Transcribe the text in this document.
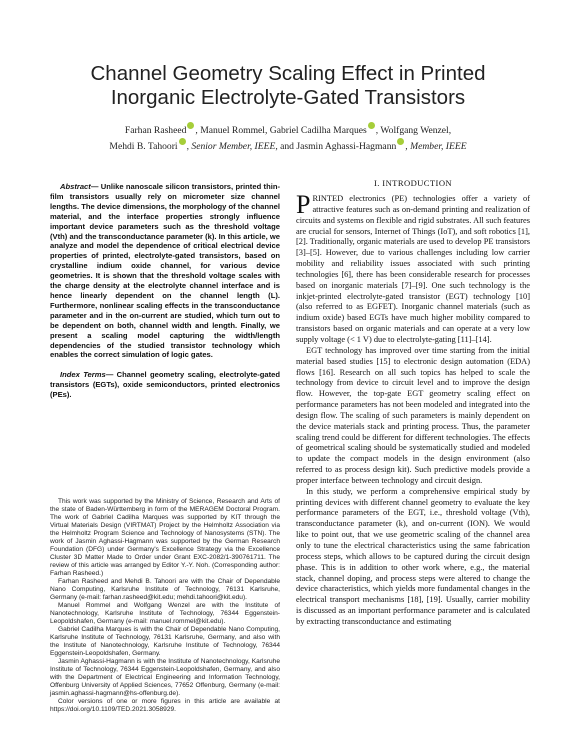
Channel Geometry Scaling Effect in Printed
Inorganic Electrolyte-Gated Transistors
Farhan Rasheed , Manuel Rommel, Gabriel Cadilha Marques , Wolfgang Wenzel,
Mehdi B. Tahoori , Senior Member, IEEE, and Jasmin Aghassi-Hagmann , Member, IEEE

Abstract— Unlike nanoscale silicon transistors, printed thin-film transistors usually rely on micrometer size channel lengths. The device dimensions, the morphology of the channel material, and the interface properties strongly influence important device parameters such as the threshold voltage (Vth) and the transconductance parameter (k). In this article, we analyze and model the dependence of critical electrical device properties of printed, electrolyte-gated transistors, based on crystalline indium oxide channel, for various device geometries. It is shown that the threshold voltage scales with the charge density at the electrolyte channel interface and is hence linearly dependent on the channel length (L). Furthermore, nonlinear scaling effects in the transconductance parameter and in the on-current are studied, which turn out to be dependent on both, channel width and length. Finally, we present a scaling model capturing the width/length dependencies of the studied transistor technology which enables the correct simulation of logic gates.

Index Terms— Channel geometry scaling, electrolyte-gated transistors (EGTs), oxide semiconductors, printed electronics (PEs).

This work was supported by the Ministry of Science, Research and Arts of the state of Baden-Württemberg in form of the MERAGEM Doctoral Program. The work of Gabriel Cadilha Marques was supported by KIT through the Virtual Materials Design (VIRTMAT) Project by the Helmholtz Association via the Helmholtz Program Science and Technology of Nanosystems (STN). The work of Jasmin Aghassi-Hagmann was supported by the German Research Foundation (DFG) under Germany's Excellence Strategy via the Excellence Cluster 3D Matter Made to Order under Grant EXC-2082/1-390761711. The review of this article was arranged by Editor Y.-Y. Noh. (Corresponding author: Farhan Rasheed.)

Farhan Rasheed and Mehdi B. Tahoori are with the Chair of Dependable Nano Computing, Karlsruhe Institute of Technology, 76131 Karlsruhe, Germany (e-mail: farhan.rasheed@kit.edu; mehdi.tahoori@kit.edu).

Manuel Rommel and Wolfgang Wenzel are with the Institute of Nanotechnology, Karlsruhe Institute of Technology, 76344 Eggenstein-Leopoldshafen, Germany (e-mail: manuel.rommel@kit.edu).

Gabriel Cadilha Marques is with the Chair of Dependable Nano Computing, Karlsruhe Institute of Technology, 76131 Karlsruhe, Germany, and also with the Institute of Nanotechnology, Karlsruhe Institute of Technology, 76344 Eggenstein-Leopoldshafen, Germany.

Jasmin Aghassi-Hagmann is with the Institute of Nanotechnology, Karlsruhe Institute of Technology, 76344 Eggenstein-Leopoldshafen, Germany, and also with the Department of Electrical Engineering and Information Technology, Offenburg University of Applied Sciences, 77652 Offenburg, Germany (e-mail: jasmin.aghassi-hagmann@hs-offenburg.de).

Color versions of one or more figures in this article are available at https://doi.org/10.1109/TED.2021.3058929.

I. INTRODUCTION

PRINTED electronics (PE) technologies offer a variety of attractive features such as on-demand printing and realization of circuits and systems on flexible and rigid substrates. All such features are crucial for sensors, Internet of Things (IoT), and soft robotics [1], [2]. Traditionally, organic materials are used to develop PE transistors [3]–[5]. However, due to various challenges including low carrier mobility and reliability issues associated with such printing technologies [6], there has been considerable research for processes based on inorganic materials [7]–[9]. One such technology is the inkjet-printed electrolyte-gated transistor (EGT) technology [10] (also referred to as EGFET). Inorganic channel materials (such as indium oxide) based EGTs have much higher mobility compared to transistors based on organic materials and can operate at a very low supply voltage (< 1 V) due to electrolyte-gating [11]–[14].

EGT technology has improved over time starting from the initial material based studies [15] to electronic design automation (EDA) flows [16]. Research on all such topics has helped to scale the technology from device to circuit level and to improve the design flow. However, the top-gate EGT geometry scaling effect on performance parameters has not been modeled and integrated into the design flow. The scaling of such parameters is mainly dependent on the device materials stack and printing process. Thus, the parameter scaling trend could be different for different technologies. The effects of geometrical scaling should be systematically studied and modeled to update the compact models in the design environment (also referred to as process design kit). Such predictive models provide a proper interface between technology and circuit design.

In this study, we perform a comprehensive empirical study by printing devices with different channel geometry to evaluate the key performance parameters of the EGT, i.e., threshold voltage (Vth), transconductance parameter (k), and on-current (ION). We would like to point out, that we use geometric scaling of the channel area only to tune the electrical characteristics using the same fabrication process steps, which allows to be captured during the circuit design phase. This is in addition to other work where, e.g., the material stack, channel doping, and process steps were altered to change the device characteristics, which yields more fundamental changes in the electrical transport mechanisms [18], [19]. Usually, carrier mobility is discussed as an important performance parameter and is calculated by extracting transconductance and estimating
